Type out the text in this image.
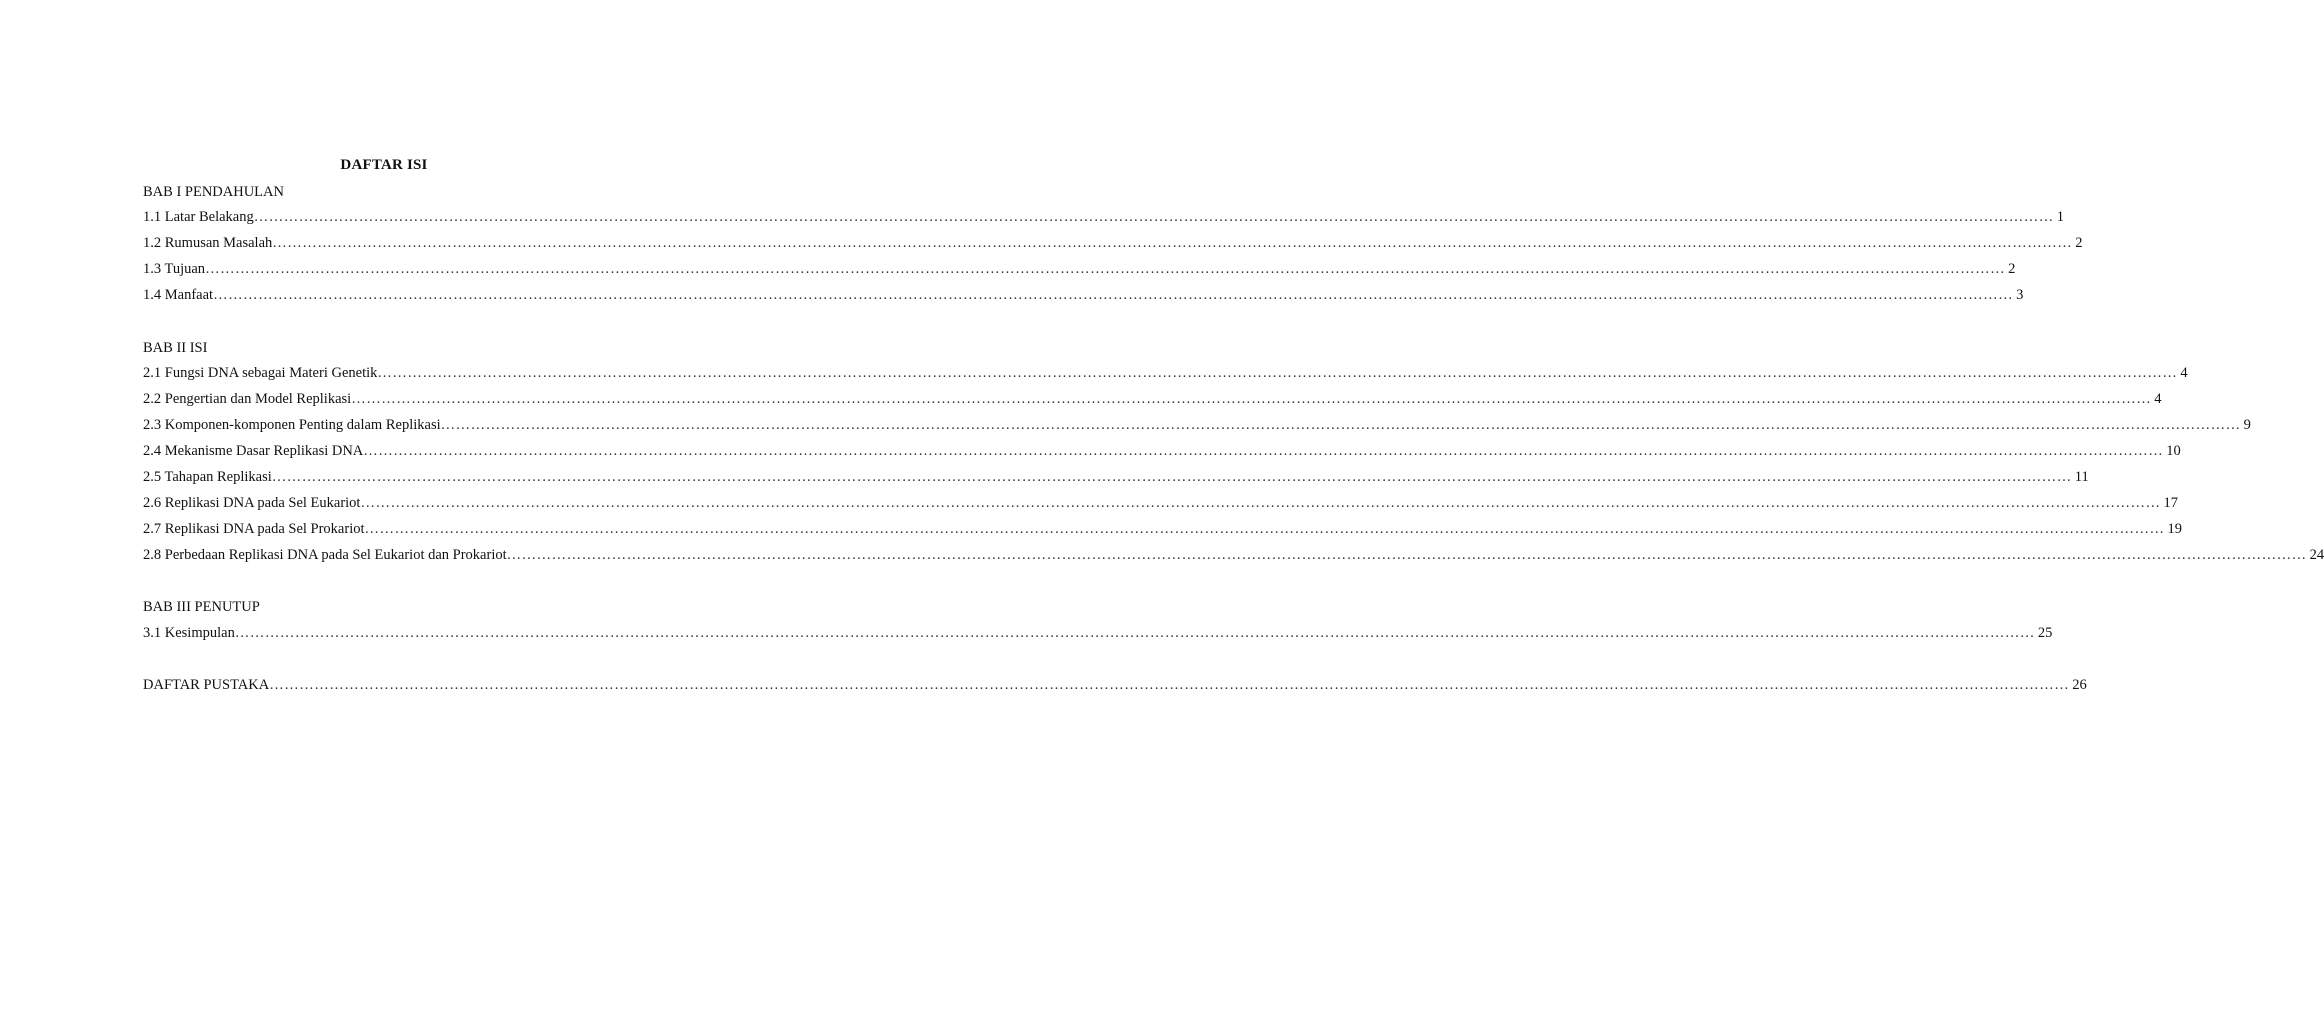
DAFTAR ISI
BAB I PENDAHULAN
1.1 Latar Belakang ……………………………………………………………………………………………………………………………………………………………………………………………………………………………………………………………………………………………………………………………… 1
1.2 Rumusan Masalah ……………………………………………………………………………………………………………………………………………………………………………………………………………………………………………………………………………………………………………………………… 2
1.3 Tujuan ……………………………………………………………………………………………………………………………………………………………………………………………………………………………………………………………………………………………………………………………… 2
1.4 Manfaat ……………………………………………………………………………………………………………………………………………………………………………………………………………………………………………………………………………………………………………………………… 3
BAB II ISI
2.1 Fungsi DNA sebagai Materi Genetik ……………………………………………………………………………………………………………………………………………………………………………………………………………………………………………………………………………………………………………………………… 4
2.2 Pengertian dan Model Replikasi ……………………………………………………………………………………………………………………………………………………………………………………………………………………………………………………………………………………………………………………………… 4
2.3 Komponen-komponen Penting dalam Replikasi ……………………………………………………………………………………………………………………………………………………………………………………………………………………………………………………………………………………………………………………………… 9
2.4 Mekanisme Dasar Replikasi DNA ……………………………………………………………………………………………………………………………………………………………………………………………………………………………………………………………………………………………………………………………… 10
2.5 Tahapan Replikasi ……………………………………………………………………………………………………………………………………………………………………………………………………………………………………………………………………………………………………………………………… 11
2.6 Replikasi DNA pada Sel Eukariot ……………………………………………………………………………………………………………………………………………………………………………………………………………………………………………………………………………………………………………………………… 17
2.7 Replikasi DNA pada Sel Prokariot ……………………………………………………………………………………………………………………………………………………………………………………………………………………………………………………………………………………………………………………………… 19
2.8 Perbedaan Replikasi DNA pada Sel Eukariot dan Prokariot ……………………………………………………………………………………………………………………………………………………………………………………………………………………………………………………………………………………………………………………………… 24
BAB III PENUTUP
3.1 Kesimpulan ……………………………………………………………………………………………………………………………………………………………………………………………………………………………………………………………………………………………………………………………… 25
DAFTAR PUSTAKA ……………………………………………………………………………………………………………………………………………………………………………………………………………………………………………………………………………………………………………………………… 26
